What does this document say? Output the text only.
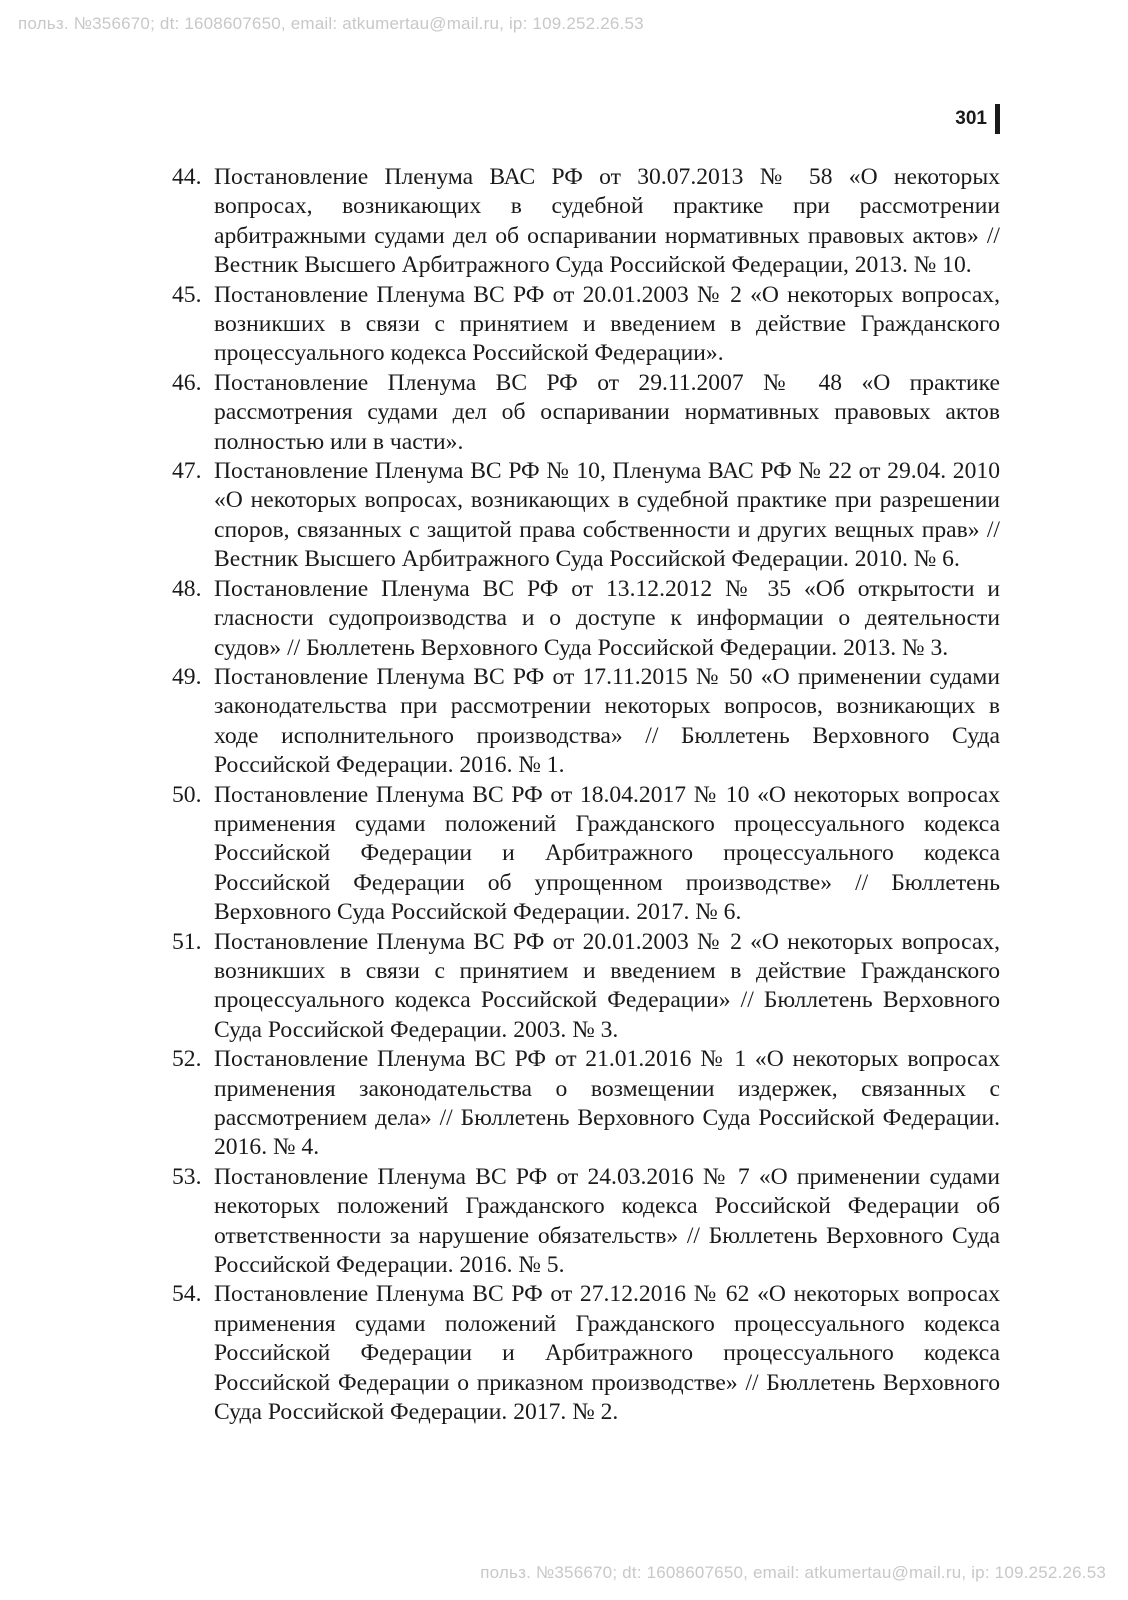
польз. №356670; dt: 1608607650, email: atkumertau@mail.ru, ip: 109.252.26.53
301
44. Постановление Пленума ВАС РФ от 30.07.2013 № 58 «О некоторых вопросах, возникающих в судебной практике при рассмотрении арбитражными судами дел об оспаривании нормативных правовых актов» // Вестник Высшего Арбитражного Суда Российской Федерации, 2013. № 10.
45. Постановление Пленума ВС РФ от 20.01.2003 № 2 «О некоторых вопросах, возникших в связи с принятием и введением в действие Гражданского процессуального кодекса Российской Федерации».
46. Постановление Пленума ВС РФ от 29.11.2007 № 48 «О практике рассмотрения судами дел об оспаривании нормативных правовых актов полностью или в части».
47. Постановление Пленума ВС РФ № 10, Пленума ВАС РФ № 22 от 29.04. 2010 «О некоторых вопросах, возникающих в судебной практике при разрешении споров, связанных с защитой права собственности и других вещных прав» // Вестник Высшего Арбитражного Суда Российской Федерации. 2010. № 6.
48. Постановление Пленума ВС РФ от 13.12.2012 № 35 «Об открытости и гласности судопроизводства и о доступе к информации о деятельности судов» // Бюллетень Верховного Суда Российской Федерации. 2013. № 3.
49. Постановление Пленума ВС РФ от 17.11.2015 № 50 «О применении судами законодательства при рассмотрении некоторых вопросов, возникающих в ходе исполнительного производства» // Бюллетень Верховного Суда Российской Федерации. 2016. № 1.
50. Постановление Пленума ВС РФ от 18.04.2017 № 10 «О некоторых вопросах применения судами положений Гражданского процессуального кодекса Российской Федерации и Арбитражного процессуального кодекса Российской Федерации об упрощенном производстве» // Бюллетень Верховного Суда Российской Федерации. 2017. № 6.
51. Постановление Пленума ВС РФ от 20.01.2003 № 2 «О некоторых вопросах, возникших в связи с принятием и введением в действие Гражданского процессуального кодекса Российской Федерации» // Бюллетень Верховного Суда Российской Федерации. 2003. № 3.
52. Постановление Пленума ВС РФ от 21.01.2016 № 1 «О некоторых вопросах применения законодательства о возмещении издержек, связанных с рассмотрением дела» // Бюллетень Верховного Суда Российской Федерации. 2016. № 4.
53. Постановление Пленума ВС РФ от 24.03.2016 № 7 «О применении судами некоторых положений Гражданского кодекса Российской Федерации об ответственности за нарушение обязательств» // Бюллетень Верховного Суда Российской Федерации. 2016. № 5.
54. Постановление Пленума ВС РФ от 27.12.2016 № 62 «О некоторых вопросах применения судами положений Гражданского процессуального кодекса Российской Федерации и Арбитражного процессуального кодекса Российской Федерации о приказном производстве» // Бюллетень Верховного Суда Российской Федерации. 2017. № 2.
польз. №356670; dt: 1608607650, email: atkumertau@mail.ru, ip: 109.252.26.53
